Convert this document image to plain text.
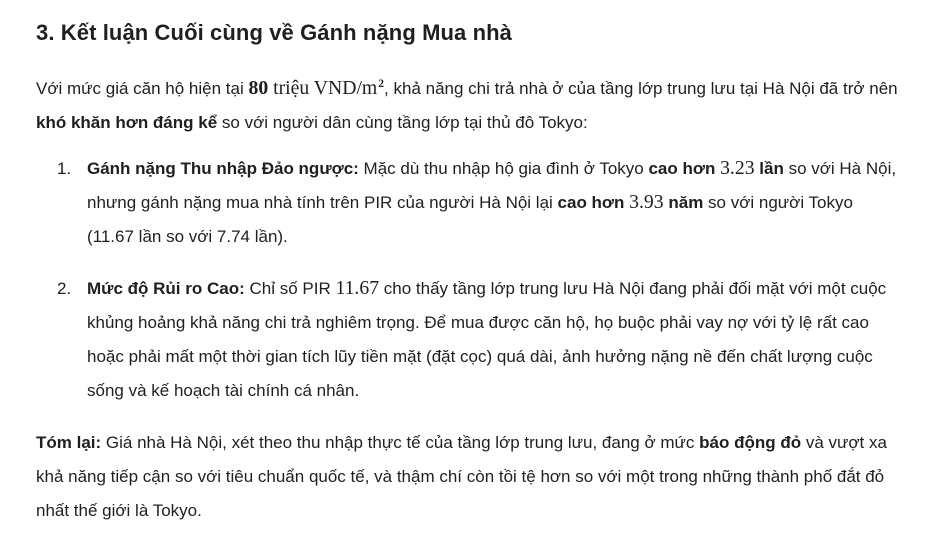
3. Kết luận Cuối cùng về Gánh nặng Mua nhà

Với mức giá căn hộ hiện tại 80 triệu VND/$m^2$, khả năng chi trả nhà ở của tầng lớp trung lưu tại Hà Nội đã trở nên khó khăn hơn đáng kể so với người dân cùng tầng lớp tại thủ đô Tokyo:

1. Gánh nặng Thu nhập Đảo ngược: Mặc dù thu nhập hộ gia đình ở Tokyo cao hơn 3.23 lần so với Hà Nội, nhưng gánh nặng mua nhà tính trên PIR của người Hà Nội lại cao hơn 3.93 năm so với người Tokyo (11.67 lần so với 7.74 lần).
2. Mức độ Rủi ro Cao: Chỉ số PIR 11.67 cho thấy tầng lớp trung lưu Hà Nội đang phải đối mặt với một cuộc khủng hoảng khả năng chi trả nghiêm trọng. Để mua được căn hộ, họ buộc phải vay nợ với tỷ lệ rất cao hoặc phải mất một thời gian tích lũy tiền mặt (đặt cọc) quá dài, ảnh hưởng nặng nề đến chất lượng cuộc sống và kế hoạch tài chính cá nhân.

Tóm lại: Giá nhà Hà Nội, xét theo thu nhập thực tế của tầng lớp trung lưu, đang ở mức báo động đỏ và vượt xa khả năng tiếp cận so với tiêu chuẩn quốc tế, và thậm chí còn tồi tệ hơn so với một trong những thành phố đắt đỏ nhất thế giới là Tokyo.
